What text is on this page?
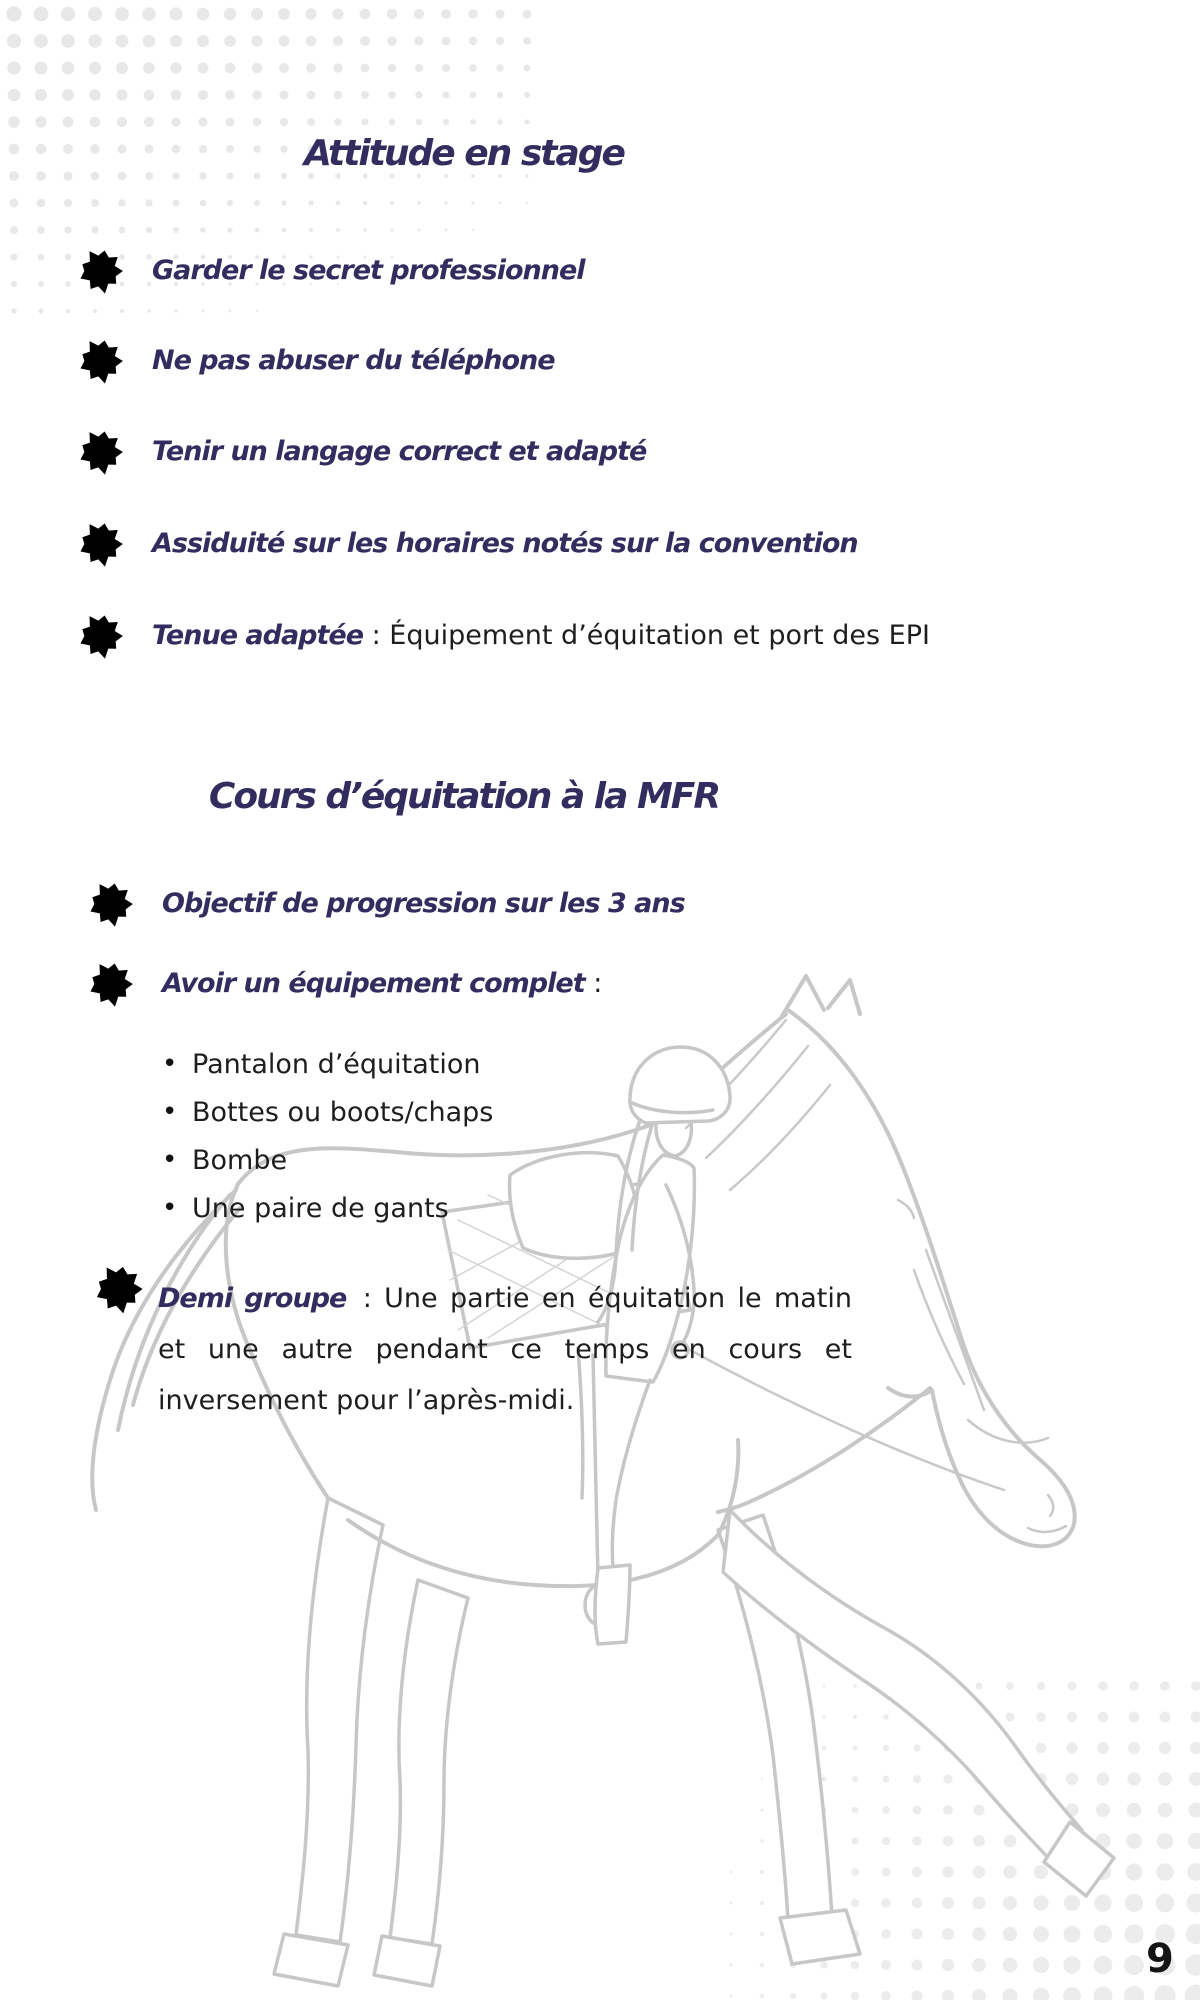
Attitude en stage
Garder le secret professionnel
Ne pas abuser du téléphone
Tenir un langage correct et adapté
Assiduité sur les horaires notés sur la convention
Tenue adaptée : Équipement d’équitation et port des EPI
Cours d’équitation à la MFR
Objectif de progression sur les 3 ans
Avoir un équipement complet :
• Pantalon d’équitation
• Bottes ou boots/chaps
• Bombe
• Une paire de gants
Demi groupe : Une partie en équitation le matin et une autre pendant ce temps en cours et inversement pour l’après-midi.
9
